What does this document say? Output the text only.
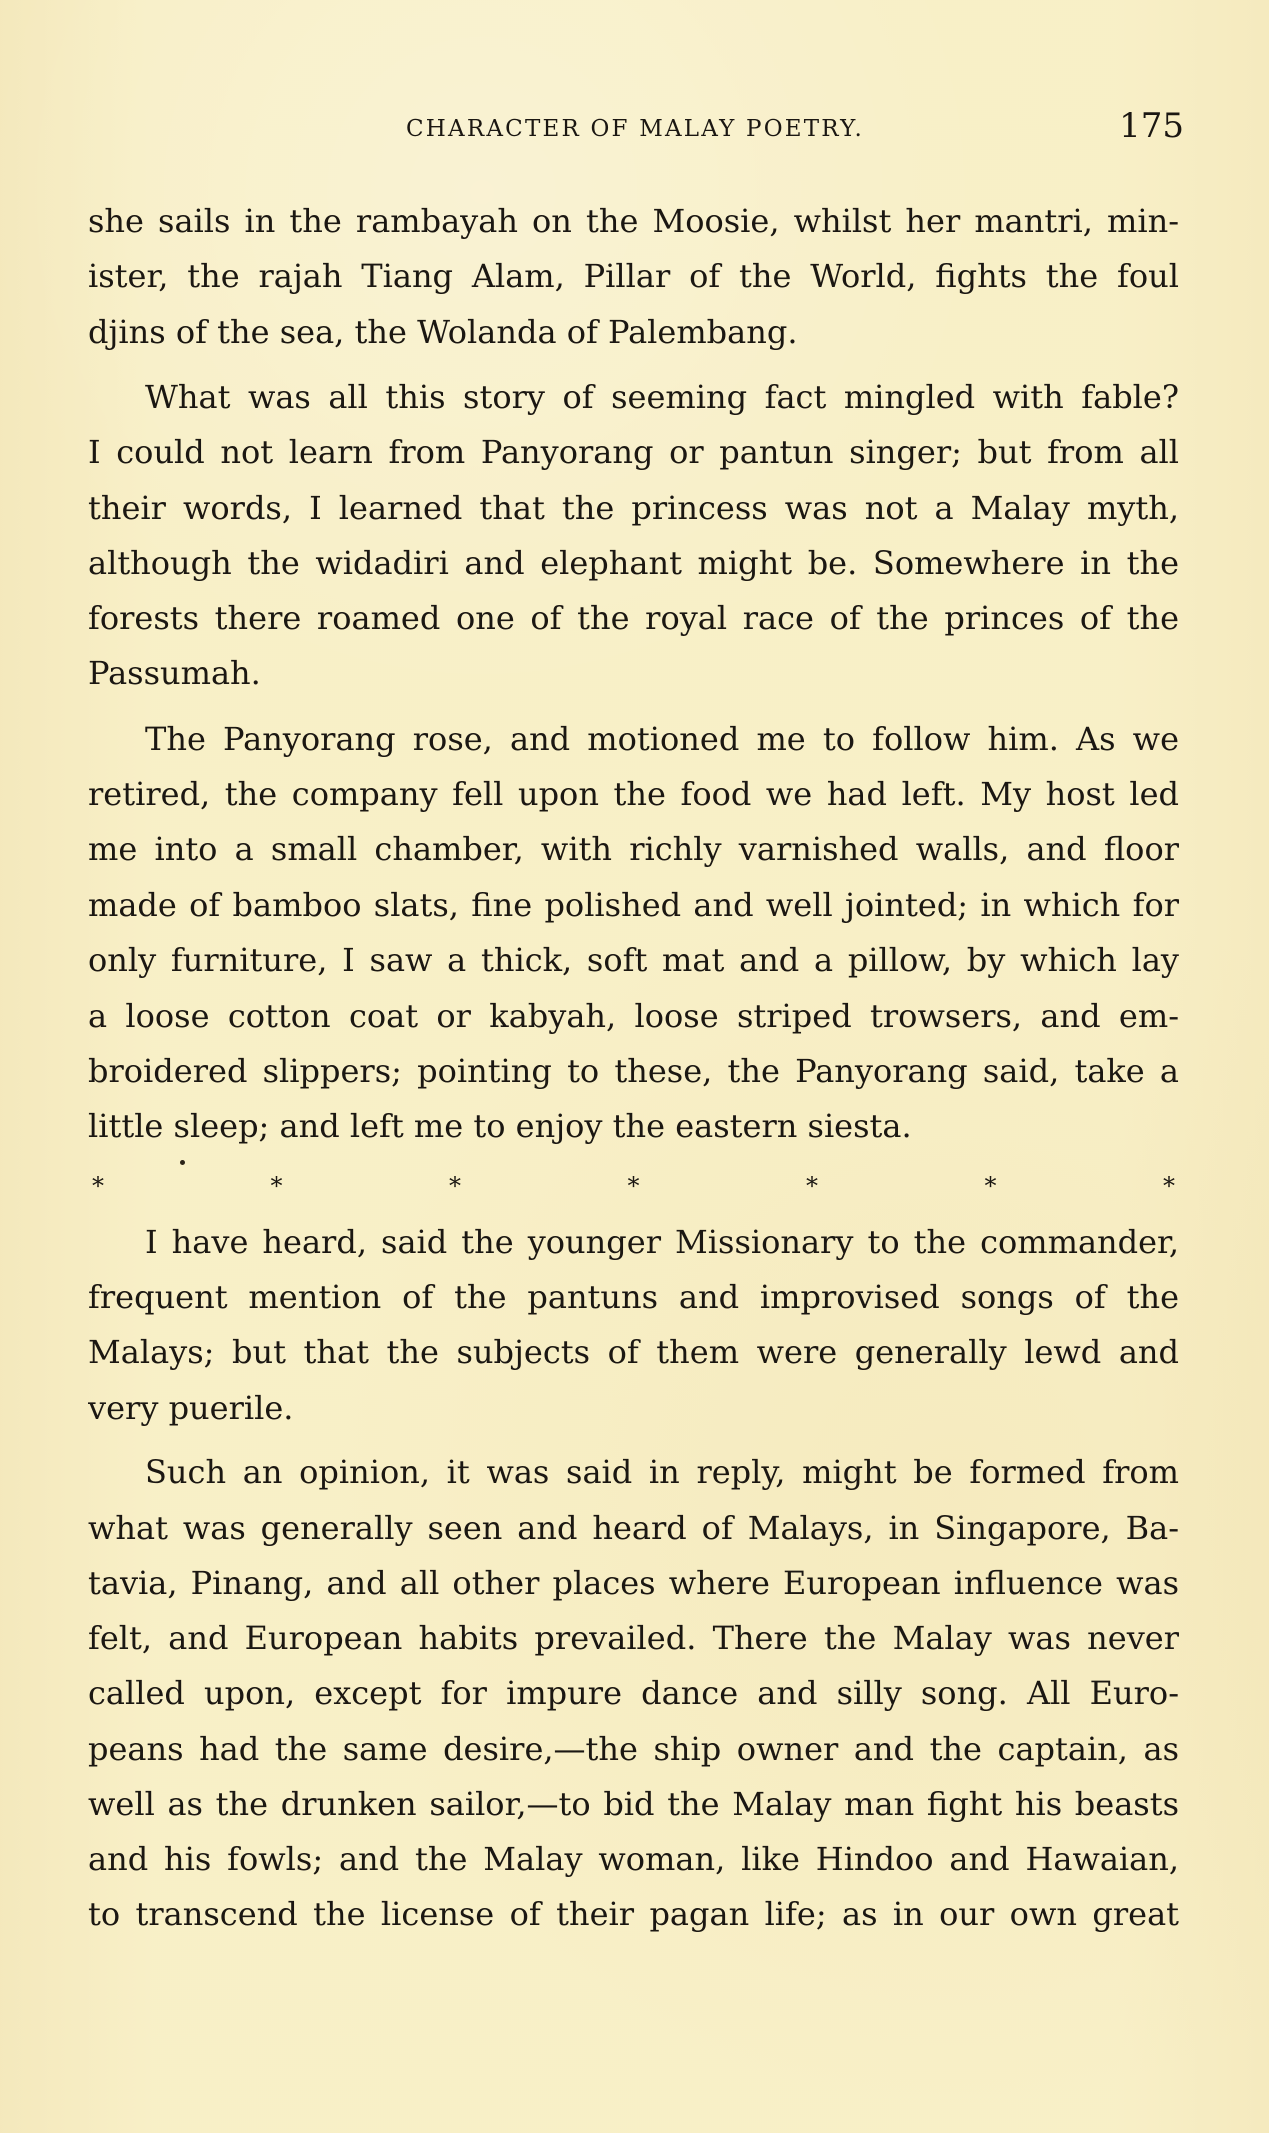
CHARACTER OF MALAY POETRY.	175
she sails in the rambayah on the Moosie, whilst her mantri, min-
ister, the rajah Tiang Alam, Pillar of the World, fights the foul
djins of the sea, the Wolanda of Palembang.
What was all this story of seeming fact mingled with fable?
I could not learn from Panyorang or pantun singer; but from all
their words, I learned that the princess was not a Malay myth,
although the widadiri and elephant might be. Somewhere in the
forests there roamed one of the royal race of the princes of the
Passumah.
The Panyorang rose, and motioned me to follow him. As we
retired, the company fell upon the food we had left. My host led
me into a small chamber, with richly varnished walls, and floor
made of bamboo slats, fine polished and well jointed; in which for
only furniture, I saw a thick, soft mat and a pillow, by which lay
a loose cotton coat or kabyah, loose striped trowsers, and em-
broidered slippers; pointing to these, the Panyorang said, take a
little sleep; and left me to enjoy the eastern siesta.
I have heard, said the younger Missionary to the commander,
frequent mention of the pantuns and improvised songs of the
Malays; but that the subjects of them were generally lewd and
very puerile.
Such an opinion, it was said in reply, might be formed from
what was generally seen and heard of Malays, in Singapore, Ba-
tavia, Pinang, and all other places where European influence was
felt, and European habits prevailed. There the Malay was never
called upon, except for impure dance and silly song. All Euro-
peans had the same desire,—the ship owner and the captain, as
well as the drunken sailor,—to bid the Malay man fight his beasts
and his fowls; and the Malay woman, like Hindoo and Hawaian,
to transcend the license of their pagan life; as in our own great
*	*	*	*	*	*	*
